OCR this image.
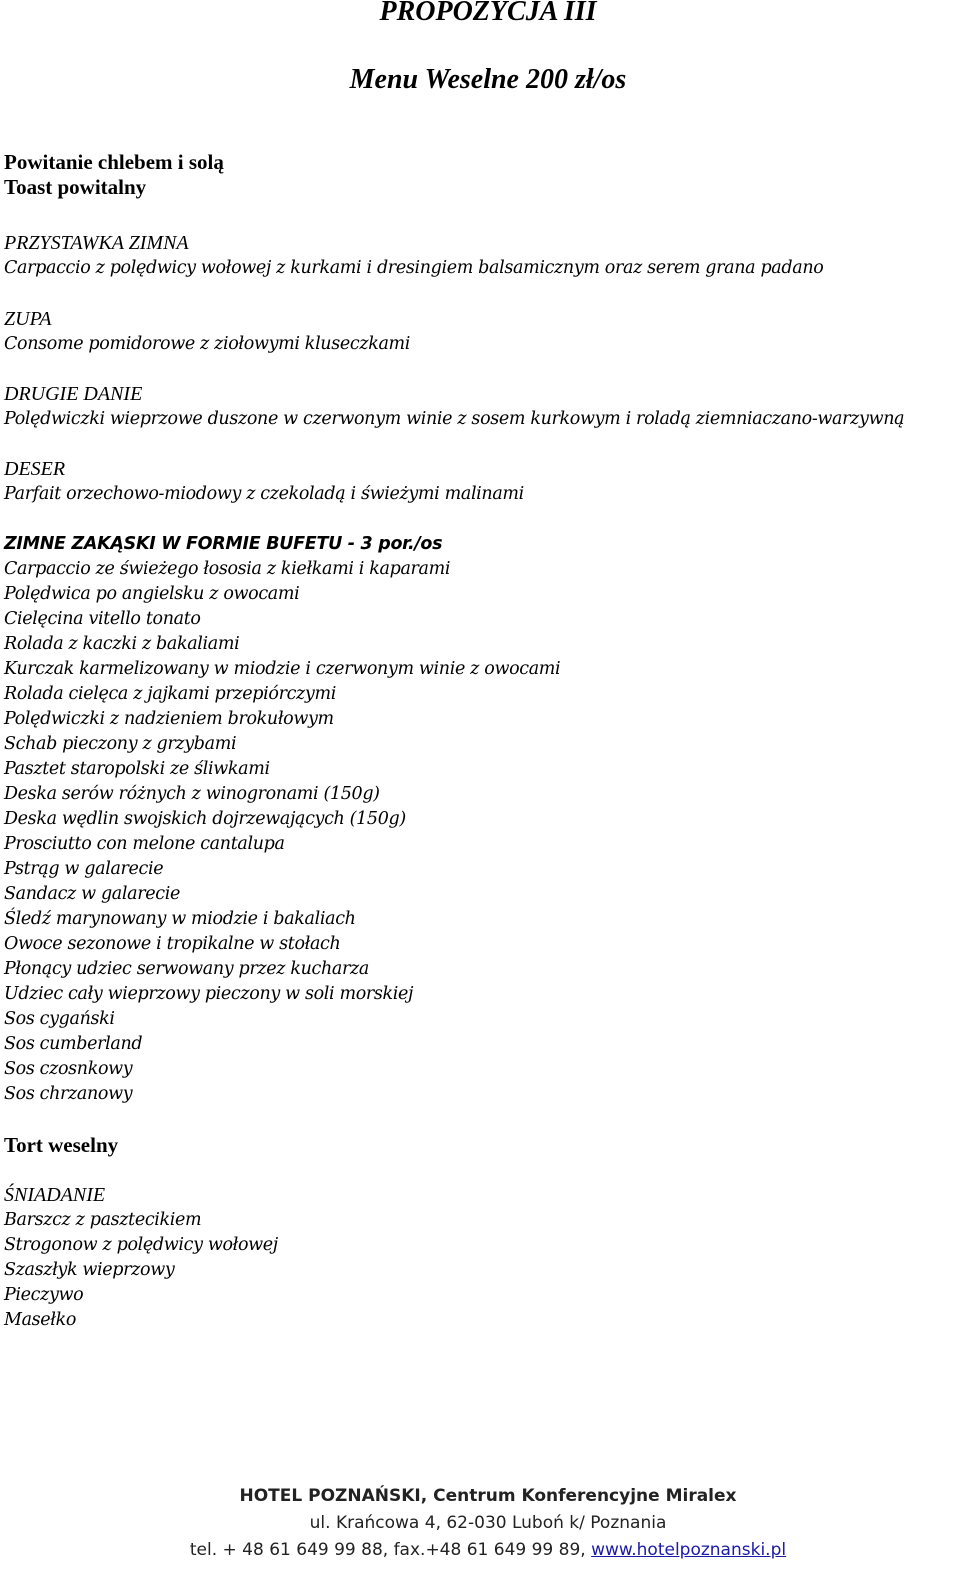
PROPOZYCJA III
Menu Weselne 200 zł/os

Powitanie chlebem i solą

Toast powitalny

PRZYSTAWKA ZIMNA

Carpaccio z polędwicy wołowej z kurkami i dresingiem balsamicznym oraz serem grana padano

ZUPA

Consome pomidorowe z ziołowymi kluseczkami

DRUGIE DANIE

Polędwiczki wieprzowe duszone w czerwonym winie z sosem kurkowym i roladą ziemniaczano-warzywną

DESER

Parfait orzechowo-miodowy z czekoladą i świeżymi malinami

ZIMNE ZAKĄSKI W FORMIE BUFETU - 3 por./os

Carpaccio ze świeżego łososia z kiełkami i kaparami
Polędwica po angielsku z owocami
Cielęcina vitello tonato
Rolada z kaczki z bakaliami
Kurczak karmelizowany w miodzie i czerwonym winie z owocami
Rolada cielęca z jajkami przepiórczymi
Polędwiczki z nadzieniem brokułowym
Schab pieczony z grzybami
Pasztet staropolski ze śliwkami
Deska serów różnych z winogronami (150g)
Deska wędlin swojskich dojrzewających (150g)
Prosciutto con melone cantalupa
Pstrąg w galarecie
Sandacz w galarecie
Śledź marynowany w miodzie i bakaliach
Owoce sezonowe i tropikalne w stołach
Płonący udziec serwowany przez kucharza
Udziec cały wieprzowy pieczony w soli morskiej
Sos cygański
Sos cumberland
Sos czosnkowy
Sos chrzanowy

Tort weselny

ŚNIADANIE

Barszcz z pasztecikiem
Strogonow z polędwicy wołowej
Szaszłyk wieprzowy
Pieczywo
Masełko

HOTEL POZNAŃSKI, Centrum Konferencyjne Miralex

ul. Krańcowa 4, 62-030 Luboń k/ Poznania

tel. + 48 61 649 99 88, fax.+48 61 649 99 89, www.hotelpoznanski.pl
